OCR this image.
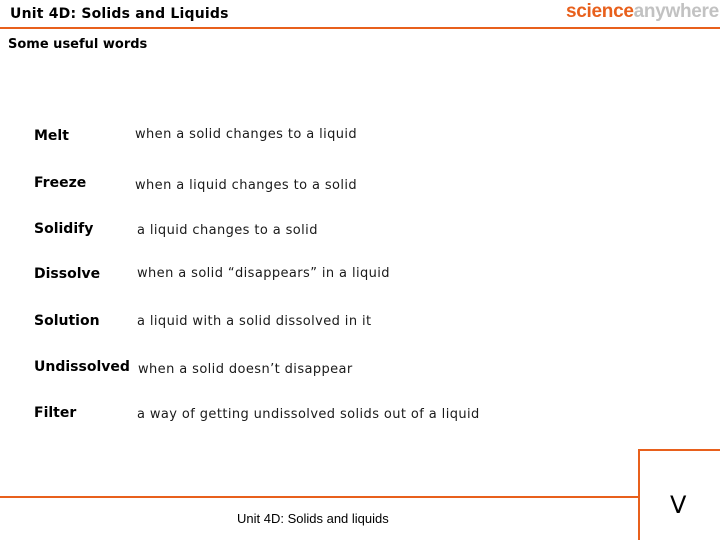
Unit 4D: Solids and Liquids	scienceanywhere
Some useful words
Melt	when a solid changes to a liquid
Freeze	when a liquid changes to a solid
Solidify	a liquid changes to a solid
Dissolve	when a solid “disappears” in a liquid
Solution	a liquid with a solid dissolved in it
Undissolved when a solid doesn’t disappear
Filter	a way of getting undissolved solids out of a liquid
Unit 4D: Solids and liquids	V
